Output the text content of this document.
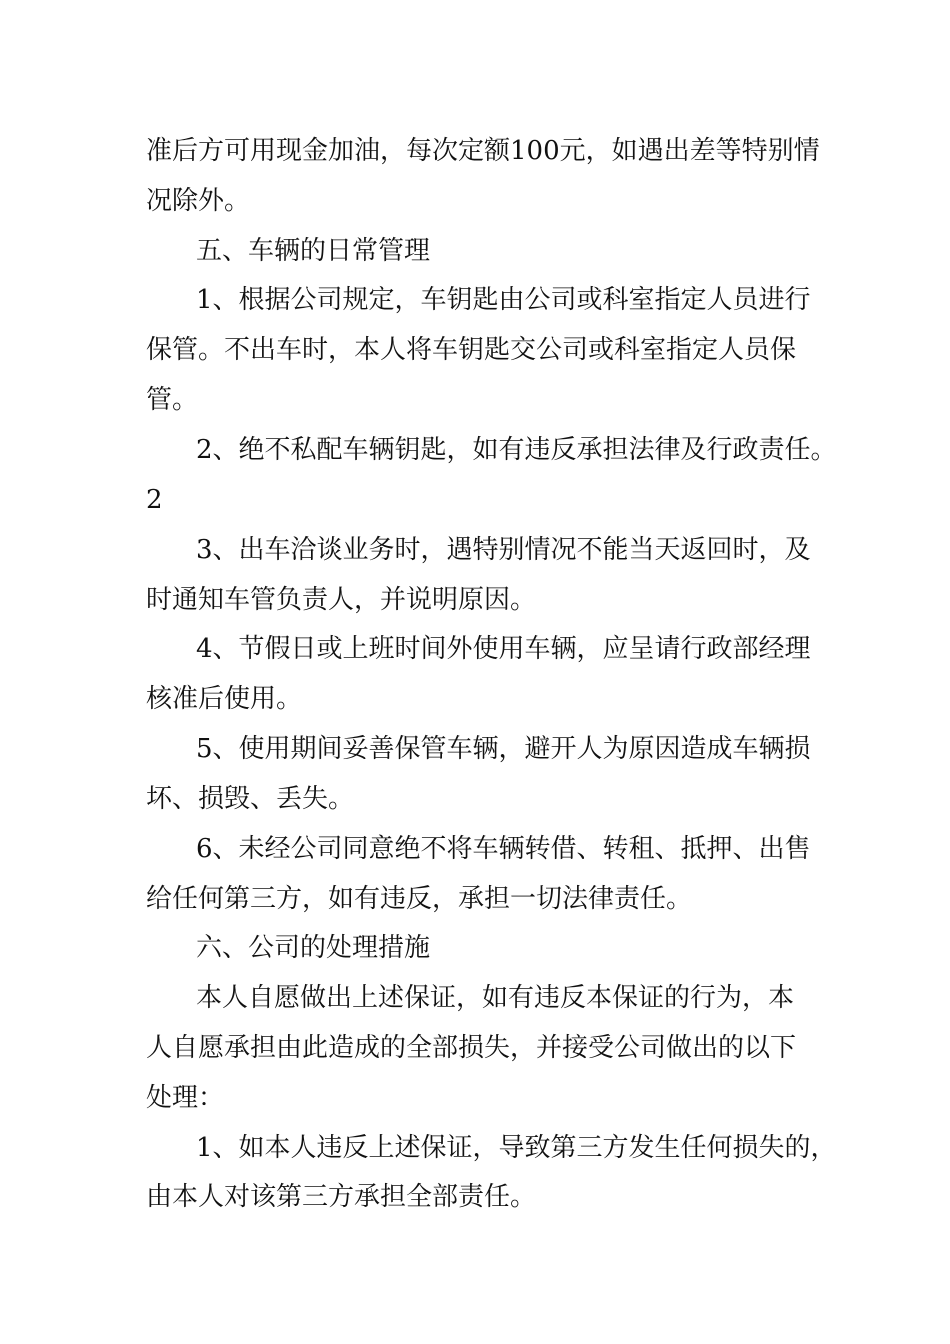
准后方可用现金加油，每次定额100元，如遇出差等特别情
况除外。
五、车辆的日常管理
1、根据公司规定，车钥匙由公司或科室指定人员进行
保管。不出车时，本人将车钥匙交公司或科室指定人员保
管。
2、绝不私配车辆钥匙，如有违反承担法律及行政责任。
2
3、出车洽谈业务时，遇特别情况不能当天返回时，及
时通知车管负责人，并说明原因。
4、节假日或上班时间外使用车辆，应呈请行政部经理
核准后使用。
5、使用期间妥善保管车辆，避开人为原因造成车辆损
坏、损毁、丢失。
6、未经公司同意绝不将车辆转借、转租、抵押、出售
给任何第三方，如有违反，承担一切法律责任。
六、公司的处理措施
本人自愿做出上述保证，如有违反本保证的行为，本
人自愿承担由此造成的全部损失，并接受公司做出的以下
处理：
1、如本人违反上述保证，导致第三方发生任何损失的，
由本人对该第三方承担全部责任。
